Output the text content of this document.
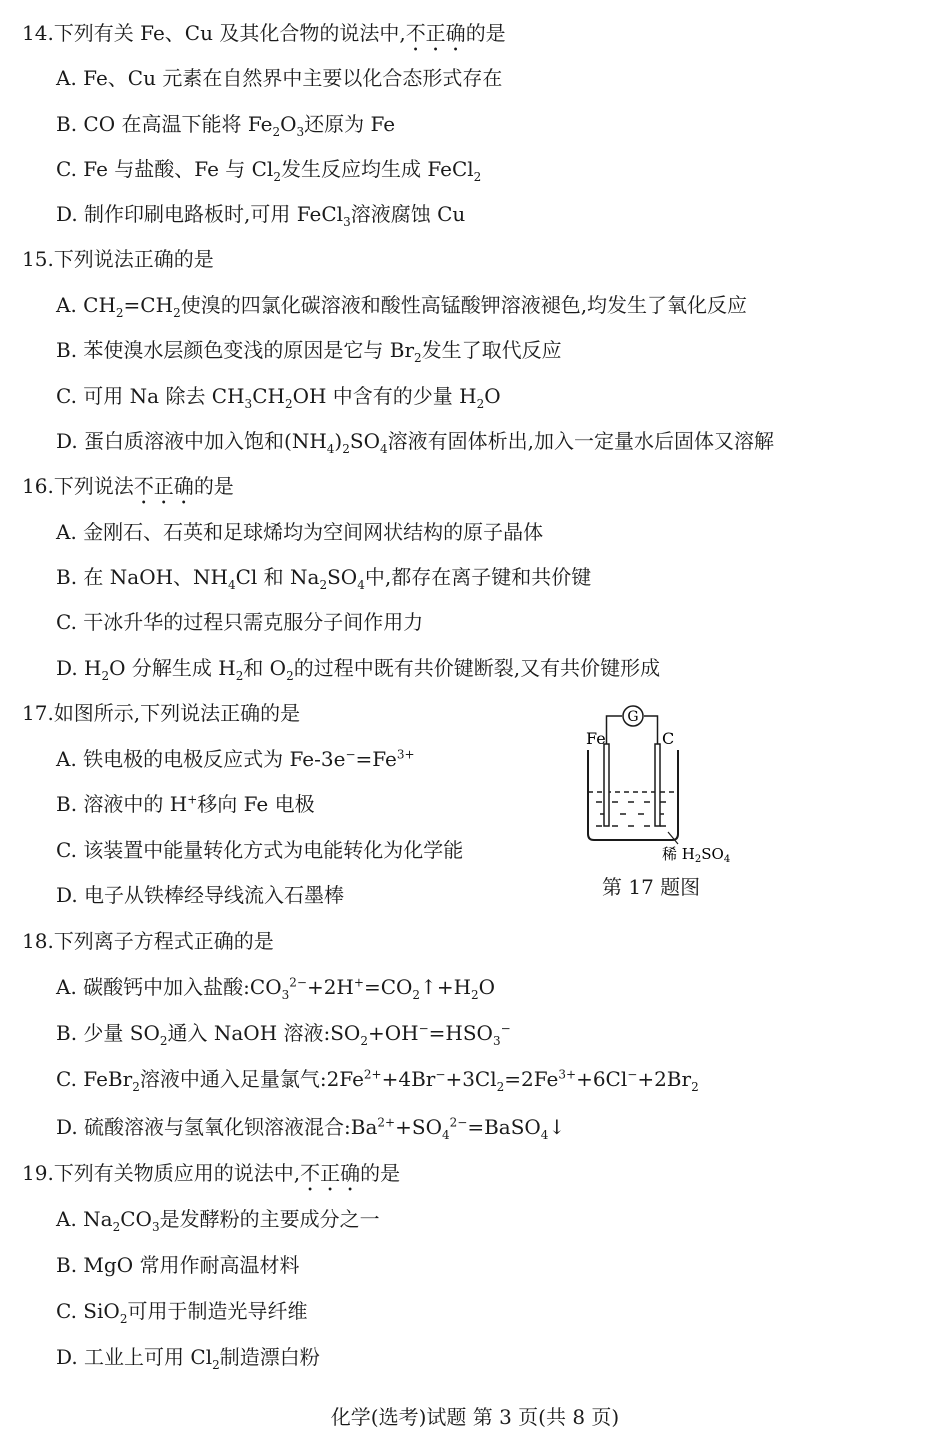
14.下列有关 Fe、Cu 及其化合物的说法中,不正确的是
A. Fe、Cu 元素在自然界中主要以化合态形式存在
B. CO 在高温下能将 $Fe_2O_3$还原为 Fe
C. Fe 与盐酸、Fe 与 $Cl_2$发生反应均生成 FeCl$_2$
D. 制作印刷电路板时,可用 FeCl$_3$溶液腐蚀 Cu
15.下列说法正确的是
A. $CH_2=CH_2$使溴的四氯化碳溶液和酸性高锰酸钾溶液褪色,均发生了氧化反应
B. 苯使溴水层颜色变浅的原因是它与 $Br_2$发生了取代反应
C. 可用 Na 除去 $CH_3CH_2OH$ 中含有的少量 $H_2O$
D. 蛋白质溶液中加入饱和$(NH_4)_2SO_4$溶液有固体析出,加入一定量水后固体又溶解
16.下列说法不正确的是
A. 金刚石、石英和足球烯均为空间网状结构的原子晶体
B. 在 NaOH、$NH_4Cl$ 和 $Na_2SO_4$中,都存在离子键和共价键
C. 干冰升华的过程只需克服分子间作用力
D. $H_2O$ 分解生成 $H_2$和 $O_2$的过程中既有共价键断裂,又有共价键形成
17.如图所示,下列说法正确的是
A. 铁电极的电极反应式为 $Fe-3e^-=Fe^{3+}$
B. 溶液中的 H+移向 Fe 电极
C. 该装置中能量转化方式为电能转化为化学能
D. 电子从铁棒经导线流入石墨棒
G
Fe	C
稀 $H_2SO_4$
第 17 题图
18.下列离子方程式正确的是
A. 碳酸钙中加入盐酸$:CO_3^{2-}+2H^+=CO_2↑+H_2O$
B. 少量 $SO_2$通入 NaOH 溶液$:SO_2+OH^-=HSO_3^-$
C. FeBr$_2$溶液中通入足量氯气$:2Fe^{2+}+4Br^-+3Cl_2=2Fe^{3+}+6Cl^-+2Br_2$
D. 硫酸溶液与氢氧化钡溶液混合$:Ba^{2+}+SO_4^{2-}=BaSO_4↓$
19.下列有关物质应用的说法中,不正确的是
A. $Na_2CO_3$是发酵粉的主要成分之一
B. MgO 常用作耐高温材料
C. SiO$_2$可用于制造光导纤维
D. 工业上可用 $Cl_2$制造漂白粉
化学(选考)试题 第 3 页(共 8 页)
